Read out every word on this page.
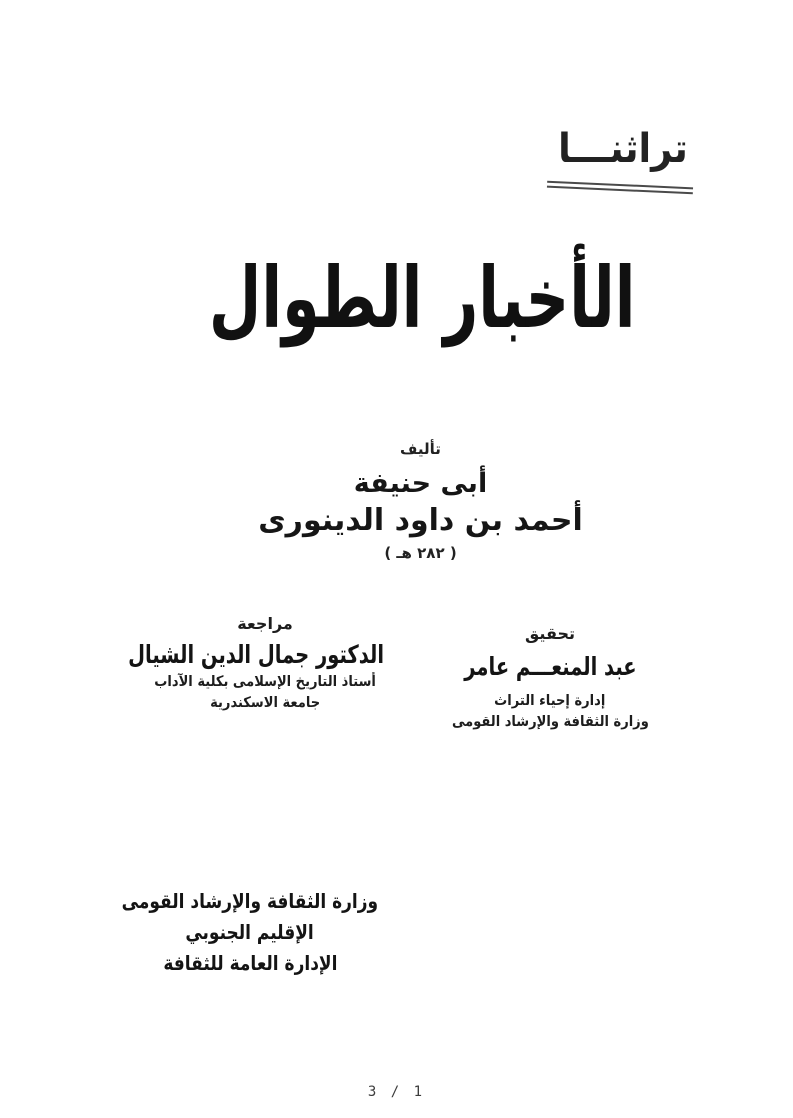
تراثنـــا
الأخبار الطوال
تأليف
أبى حنيفة
أحمد بن داود الدينورى
( ٢٨٢ هـ )
تحقيق
عبد المنعـــم عامر
إدارة إحياء التراث
وزارة الثقافة والإرشاد القومى
مراجعة
الدكتور جمال الدين الشيال
أستاذ التاريخ الإسلامى بكلية الآداب
جامعة الاسكندرية
وزارة الثقافة والإرشاد القومى
الإقليم الجنوبي
الإدارة العامة للثقافة
1 / 3
